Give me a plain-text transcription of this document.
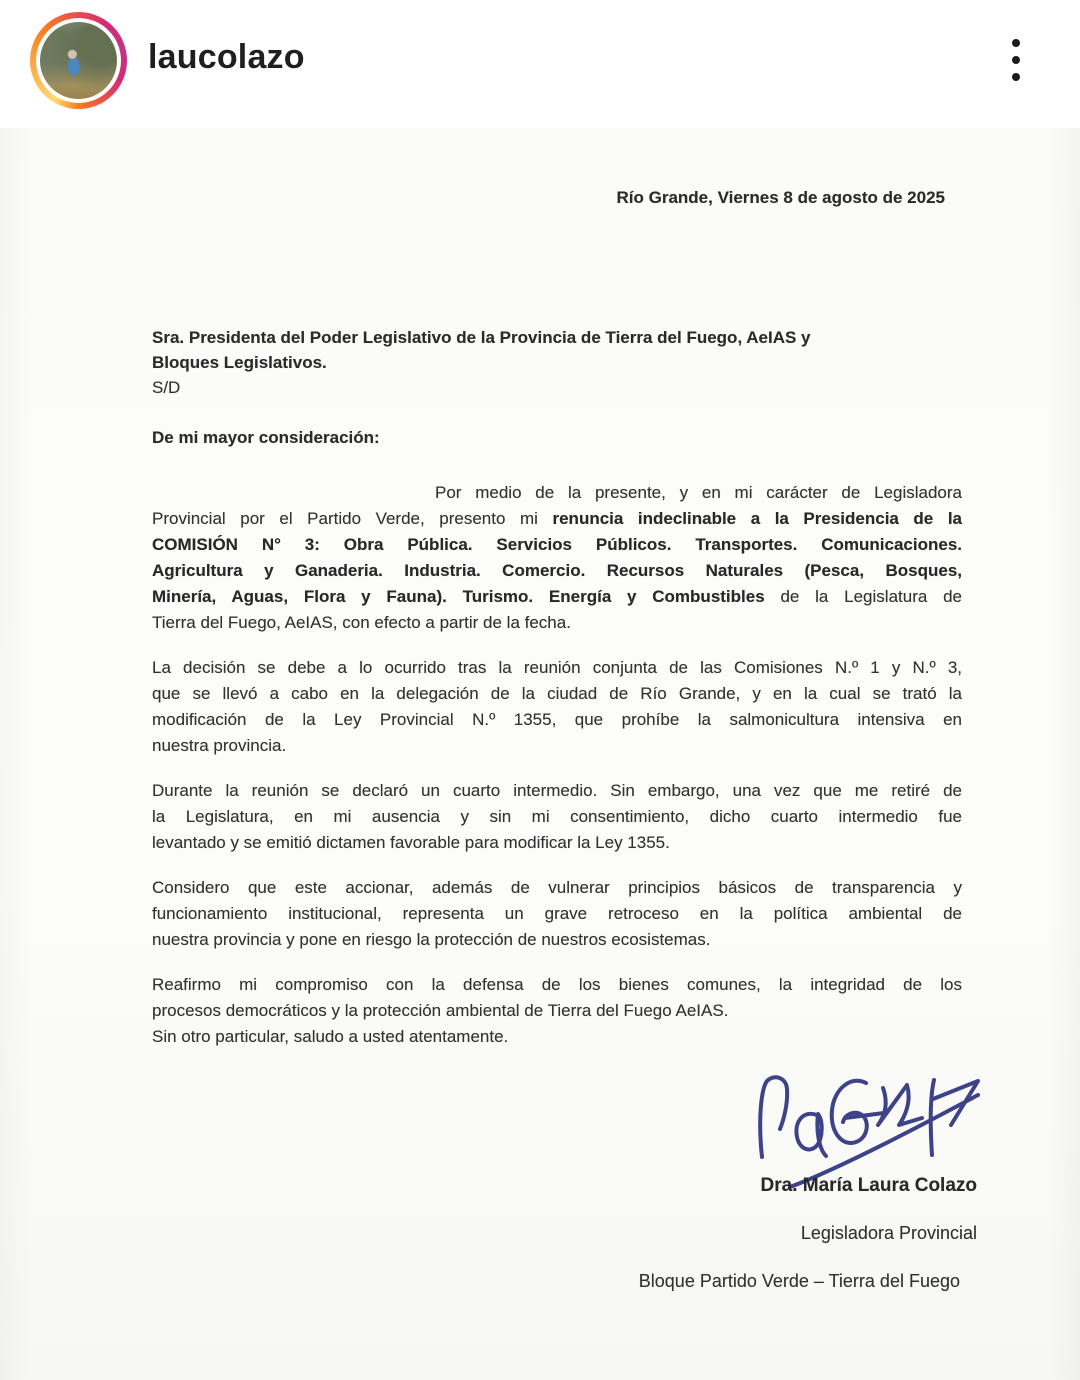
laucolazo
Río Grande, Viernes 8 de agosto de 2025
Sra. Presidenta del Poder Legislativo de la Provincia de Tierra del Fuego, AeIAS y
Bloques Legislativos.
S/D
De mi mayor consideración:
Por medio de la presente, y en mi carácter de Legisladora
Provincial por el Partido Verde, presento mi renuncia indeclinable a la Presidencia de la
COMISIÓN N° 3: Obra Pública. Servicios Públicos. Transportes. Comunicaciones.
Agricultura y Ganaderia. Industria. Comercio. Recursos Naturales (Pesca, Bosques,
Minería, Aguas, Flora y Fauna). Turismo. Energía y Combustibles de la Legislatura de
Tierra del Fuego, AeIAS, con efecto a partir de la fecha.
La decisión se debe a lo ocurrido tras la reunión conjunta de las Comisiones N.º 1 y N.º 3,
que se llevó a cabo en la delegación de la ciudad de Río Grande, y en la cual se trató la
modificación de la Ley Provincial N.º 1355, que prohíbe la salmonicultura intensiva en
nuestra provincia.
Durante la reunión se declaró un cuarto intermedio. Sin embargo, una vez que me retiré de
la Legislatura, en mi ausencia y sin mi consentimiento, dicho cuarto intermedio fue
levantado y se emitió dictamen favorable para modificar la Ley 1355.
Considero que este accionar, además de vulnerar principios básicos de transparencia y
funcionamiento institucional, representa un grave retroceso en la política ambiental de
nuestra provincia y pone en riesgo la protección de nuestros ecosistemas.
Reafirmo mi compromiso con la defensa de los bienes comunes, la integridad de los
procesos democráticos y la protección ambiental de Tierra del Fuego AeIAS.
Sin otro particular, saludo a usted atentamente.
Dra. María Laura Colazo
Legisladora Provincial
Bloque Partido Verde – Tierra del Fuego
